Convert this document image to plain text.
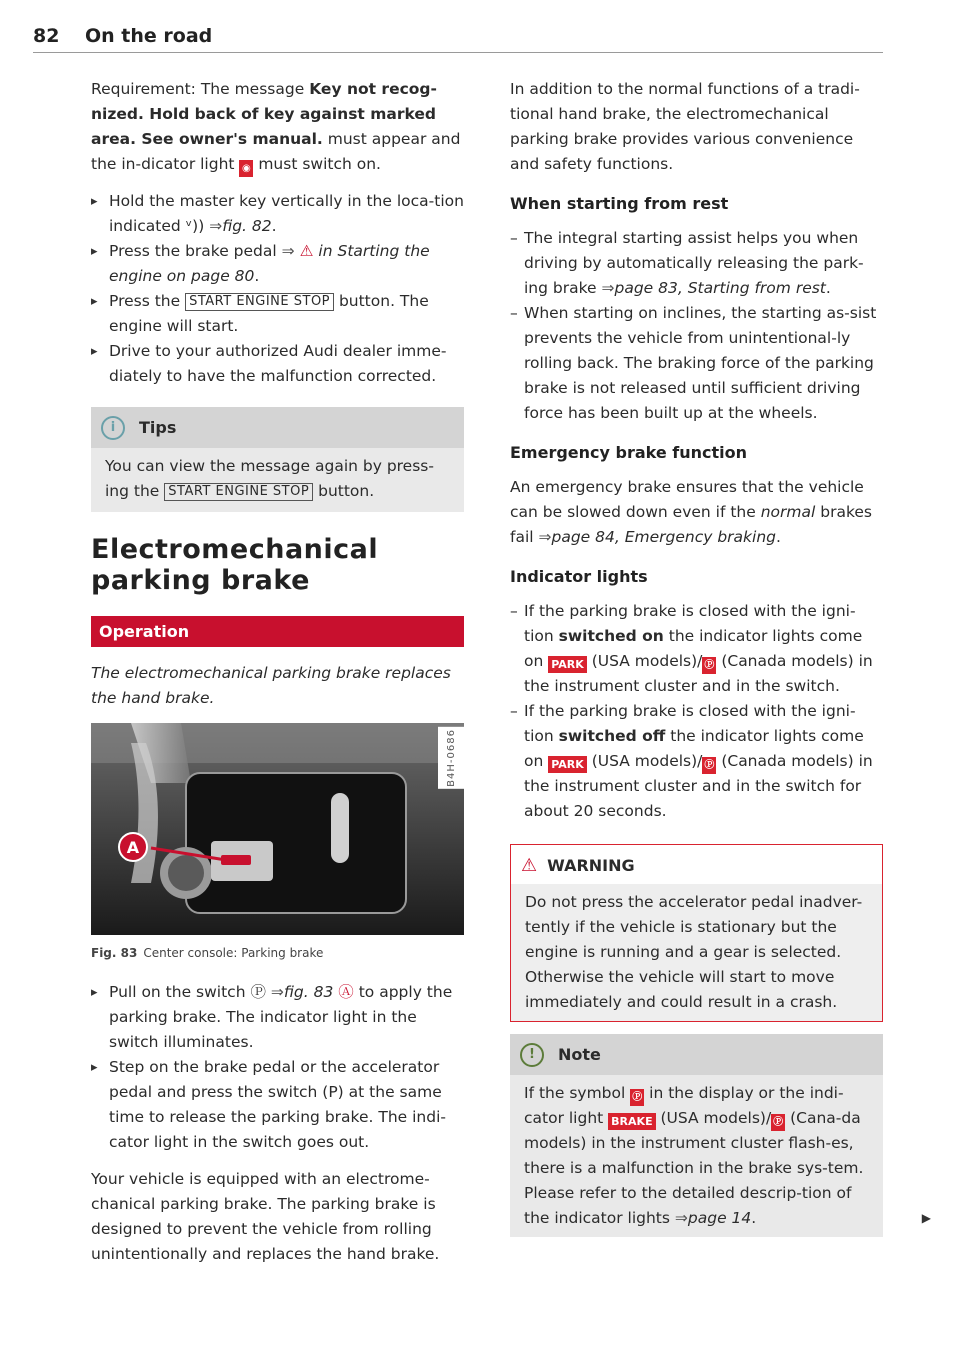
82 On the road

Requirement: The message Key not recog-nized. Hold back of key against marked area. See owner's manual. must appear and the in-dicator light ◉ must switch on.

▸ Hold the master key vertically in the loca-tion indicated ᵛ)) ⇒fig. 82.
▸ Press the brake pedal ⇒ ⚠ in Starting the engine on page 80.
▸ Press the START ENGINE STOP button. The engine will start.
▸ Drive to your authorized Audi dealer imme-diately to have the malfunction corrected.
i	Tips
You can view the message again by press-ing the START ENGINE STOP button.
Electromechanical parking brake
Operation

The electromechanical parking brake replaces the hand brake.

A
B4H-0686
Fig. 83 Center console: Parking brake
▸ Pull on the switch Ⓟ ⇒fig. 83 Ⓐ to apply the parking brake. The indicator light in the switch illuminates.
▸ Step on the brake pedal or the accelerator pedal and press the switch (P) at the same time to release the parking brake. The indi-cator light in the switch goes out.

Your vehicle is equipped with an electrome-chanical parking brake. The parking brake is designed to prevent the vehicle from rolling unintentionally and replaces the hand brake.

In addition to the normal functions of a tradi-tional hand brake, the electromechanical parking brake provides various convenience and safety functions.

When starting from rest
– The integral starting assist helps you when driving by automatically releasing the park-ing brake ⇒page 83, Starting from rest.
– When starting on inclines, the starting as-sist prevents the vehicle from unintentional-ly rolling back. The braking force of the parking brake is not released until sufficient driving force has been built up at the wheels.
Emergency brake function

An emergency brake ensures that the vehicle can be slowed down even if the normal brakes fail ⇒page 84, Emergency braking.

Indicator lights
– If the parking brake is closed with the igni-tion switched on the indicator lights come on PARK (USA models)/ Ⓟ (Canada models) in the instrument cluster and in the switch.
– If the parking brake is closed with the igni-tion switched off the indicator lights come on PARK (USA models)/ Ⓟ (Canada models) in the instrument cluster and in the switch for about 20 seconds.
⚠ WARNING
Do not press the accelerator pedal inadver-tently if the vehicle is stationary but the engine is running and a gear is selected. Otherwise the vehicle will start to move immediately and could result in a crash.
!	Note
If the symbol Ⓟ in the display or the indi-cator light BRAKE (USA models)/ Ⓟ (Cana-da models) in the instrument cluster flash-es, there is a malfunction in the brake sys-tem. Please refer to the detailed descrip-tion of the indicator lights ⇒page 14.	▶
